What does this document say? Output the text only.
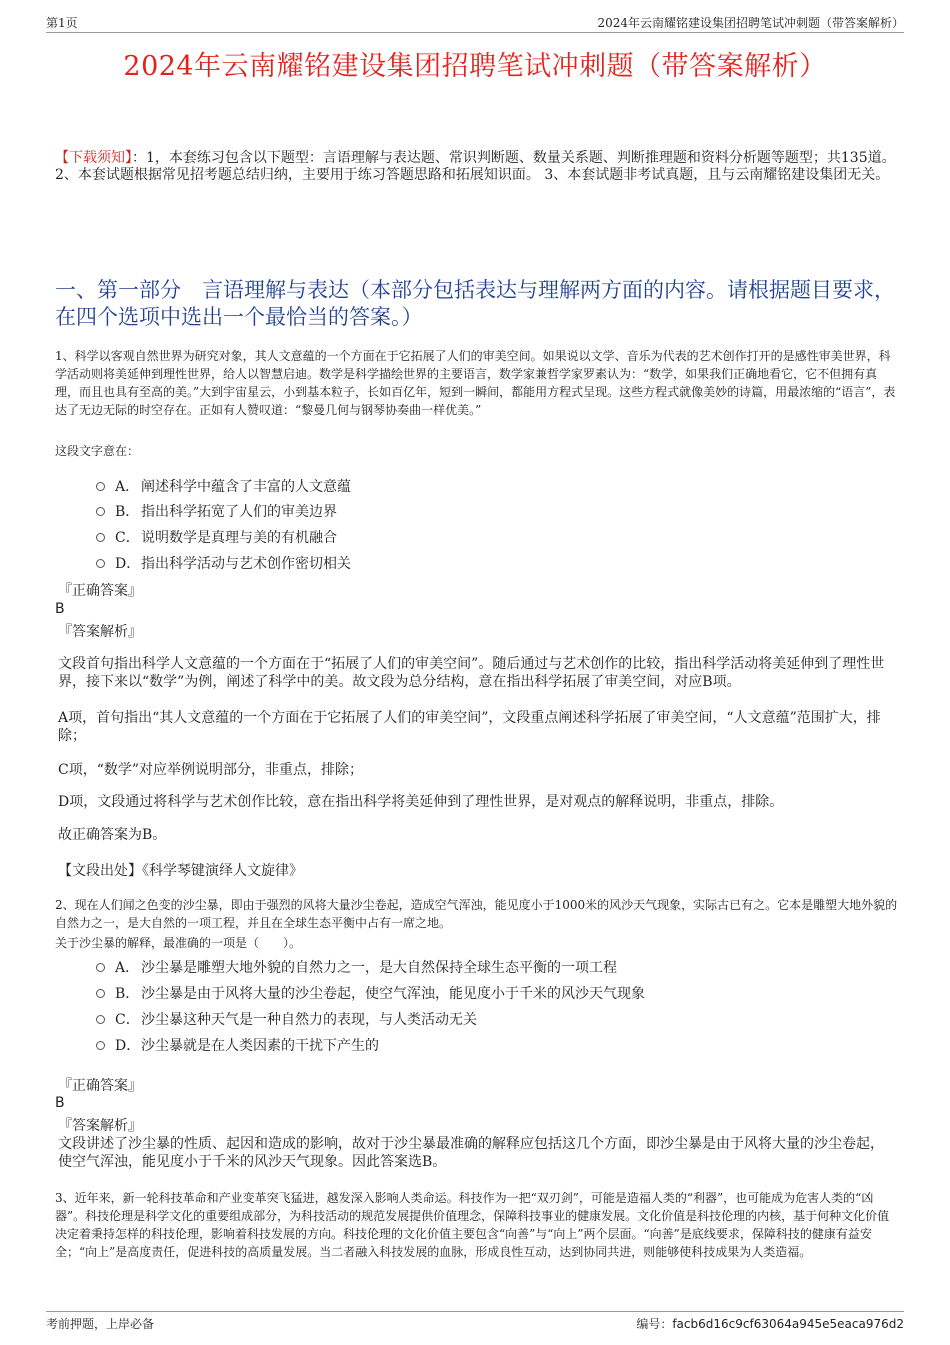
第1页	2024年云南耀铭建设集团招聘笔试冲刺题（带答案解析）
2024年云南耀铭建设集团招聘笔试冲刺题（带答案解析）
【下载须知】：1，本套练习包含以下题型：言语理解与表达题、常识判断题、数量关系题、判断推理题和资料分析题等题型；共135道。 2、本套试题根据常见招考题总结归纳，主要用于练习答题思路和拓展知识面。 3、本套试题非考试真题，且与云南耀铭建设集团无关。
一、第一部分　言语理解与表达（本部分包括表达与理解两方面的内容。请根据题目要求，在四个选项中选出一个最恰当的答案。）
1、科学以客观自然世界为研究对象，其人文意蕴的一个方面在于它拓展了人们的审美空间。如果说以文学、音乐为代表的艺术创作打开的是感性审美世界，科学活动则将美延伸到理性世界，给人以智慧启迪。数学是科学描绘世界的主要语言，数学家兼哲学家罗素认为：“数学，如果我们正确地看它，它不但拥有真理，而且也具有至高的美。”大到宇宙星云，小到基本粒子，长如百亿年，短到一瞬间，都能用方程式呈现。这些方程式就像美妙的诗篇，用最浓缩的“语言”，表达了无边无际的时空存在。正如有人赞叹道：“黎曼几何与钢琴协奏曲一样优美。”
这段文字意在：
A． 阐述科学中蕴含了丰富的人文意蕴
B． 指出科学拓宽了人们的审美边界
C．说明数学是真理与美的有机融合
D．指出科学活动与艺术创作密切相关
『正确答案』
B
『答案解析』
文段首句指出科学人文意蕴的一个方面在于“拓展了人们的审美空间”。随后通过与艺术创作的比较，指出科学活动将美延伸到了理性世界，接下来以“数学”为例，阐述了科学中的美。故文段为总分结构，意在指出科学拓展了审美空间，对应B项。
A项，首句指出“其人文意蕴的一个方面在于它拓展了人们的审美空间”，文段重点阐述科学拓展了审美空间，“人文意蕴”范围扩大，排除；
C项，“数学”对应举例说明部分，非重点，排除；
D项，文段通过将科学与艺术创作比较，意在指出科学将美延伸到了理性世界，是对观点的解释说明，非重点，排除。
故正确答案为B。
【文段出处】《科学琴键演绎人文旋律》
2、现在人们闻之色变的沙尘暴，即由于强烈的风将大量沙尘卷起，造成空气浑浊，能见度小于1000米的风沙天气现象，实际古已有之。它本是雕塑大地外貌的自然力之一，是大自然的一项工程，并且在全球生态平衡中占有一席之地。
关于沙尘暴的解释，最准确的一项是（　　）。
A． 沙尘暴是雕塑大地外貌的自然力之一，是大自然保持全球生态平衡的一项工程
B． 沙尘暴是由于风将大量的沙尘卷起，使空气浑浊，能见度小于千米的风沙天气现象
C．沙尘暴这种天气是一种自然力的表现，与人类活动无关
D．沙尘暴就是在人类因素的干扰下产生的
『正确答案』
B
『答案解析』
文段讲述了沙尘暴的性质、起因和造成的影响，故对于沙尘暴最准确的解释应包括这几个方面，即沙尘暴是由于风将大量的沙尘卷起，使空气浑浊，能见度小于千米的风沙天气现象。因此答案选B。
3、近年来，新一轮科技革命和产业变革突飞猛进，越发深入影响人类命运。科技作为一把“双刃剑”，可能是造福人类的“利器”，也可能成为危害人类的“凶器”。科技伦理是科学文化的重要组成部分，为科技活动的规范发展提供价值理念，保障科技事业的健康发展。文化价值是科技伦理的内核，基于何种文化价值决定着秉持怎样的科技伦理，影响着科技发展的方向。科技伦理的文化价值主要包含“向善”与“向上”两个层面。“向善”是底线要求，保障科技的健康有益安全；“向上”是高度责任，促进科技的高质量发展。当二者融入科技发展的血脉，形成良性互动，达到协同共进，则能够使科技成果为人类造福。
考前押题，上岸必备	编号：facb6d16c9cf63064a945e5eaca976d2
